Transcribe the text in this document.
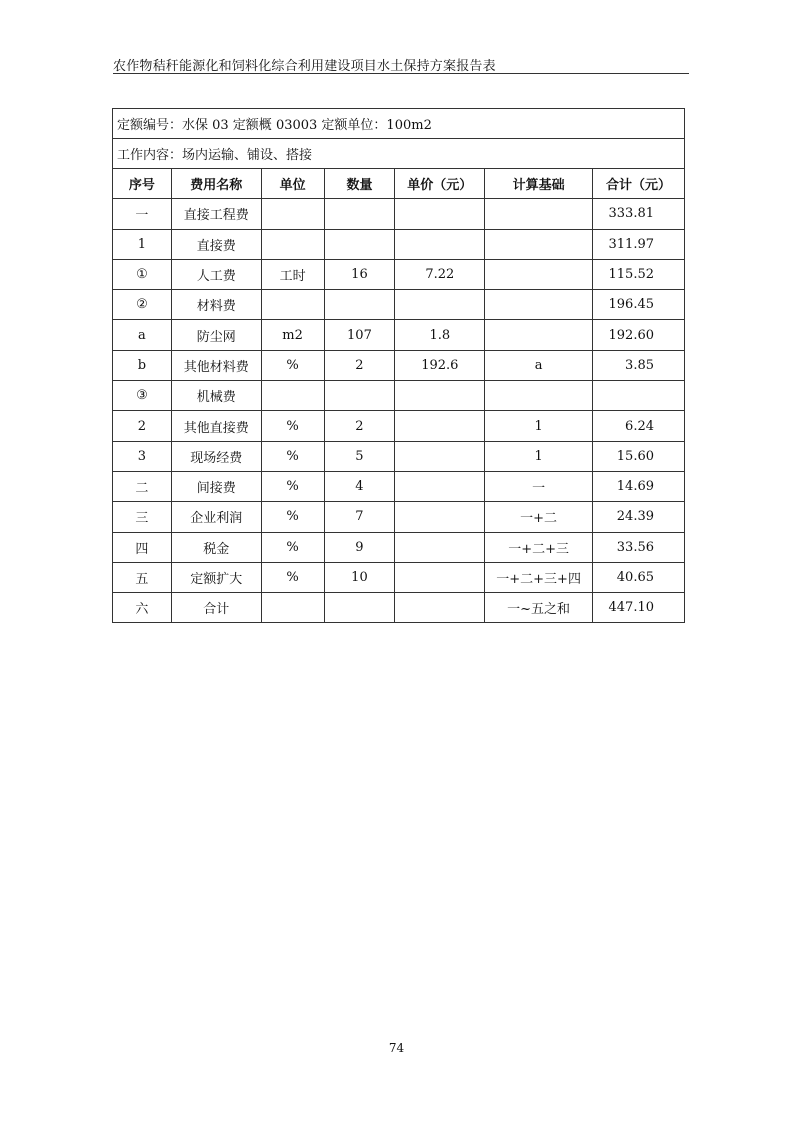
农作物秸秆能源化和饲料化综合利用建设项目水土保持方案报告表
定额编号：水保 03 定额概 03003 定额单位：100m2						
工作内容：场内运输、铺设、搭接						
序号	费用名称	单位	数量	单价（元）	计算基础	合计（元）
一	直接工程费					333.81
1	直接费					311.97
①	人工费	工时	16	7.22		115.52
②	材料费					196.45
a	防尘网	m2	107	1.8		192.60
b	其他材料费	%	2	192.6	a	3.85
③	机械费					
2	其他直接费	%	2		1	6.24
3	现场经费	%	5		1	15.60
二	间接费	%	4		一	14.69
三	企业利润	%	7		一+二	24.39
四	税金	%	9		一+二+三	33.56
五	定额扩大	%	10		一+二+三+四	40.65
六	合计				一~五之和	447.10
74
